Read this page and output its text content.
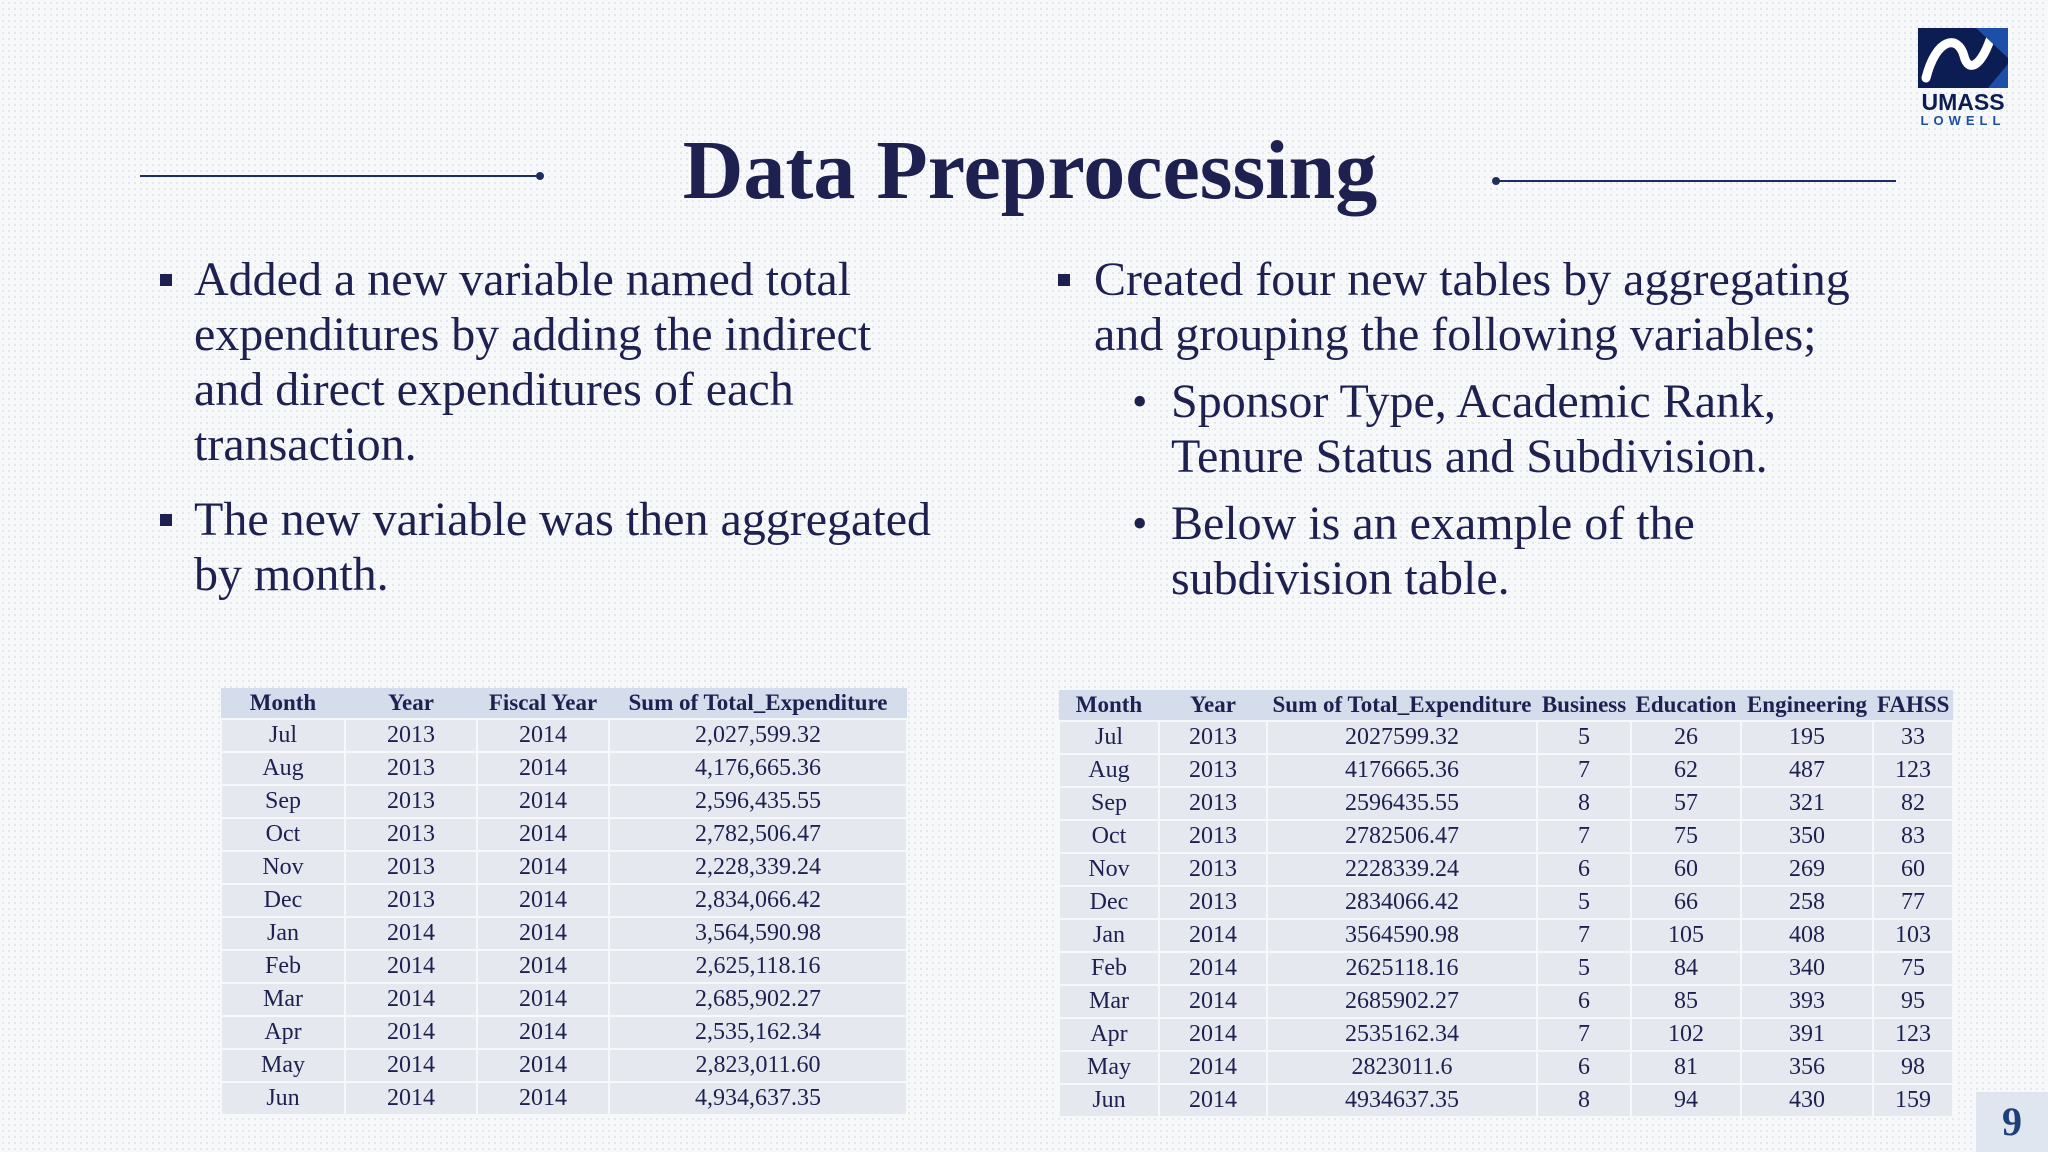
UMASS
LOWELL
Data Preprocessing
Added a new variable named total expenditures by adding the indirect and direct expenditures of each transaction.
The new variable was then aggregated by month.
Created four new tables by aggregating and grouping the following variables;
• Sponsor Type, Academic Rank, Tenure Status and Subdivision.
• Below is an example of the subdivision table.
Month	Year	Fiscal Year	Sum of Total_Expenditure
Jul	2013	2014	2,027,599.32
Aug	2013	2014	4,176,665.36
Sep	2013	2014	2,596,435.55
Oct	2013	2014	2,782,506.47
Nov	2013	2014	2,228,339.24
Dec	2013	2014	2,834,066.42
Jan	2014	2014	3,564,590.98
Feb	2014	2014	2,625,118.16
Mar	2014	2014	2,685,902.27
Apr	2014	2014	2,535,162.34
May	2014	2014	2,823,011.60
Jun	2014	2014	4,934,637.35
Month	Year	Sum of Total_Expenditure	Business	Education	Engineering	FAHSS
Jul	2013	2027599.32	5	26	195	33
Aug	2013	4176665.36	7	62	487	123
Sep	2013	2596435.55	8	57	321	82
Oct	2013	2782506.47	7	75	350	83
Nov	2013	2228339.24	6	60	269	60
Dec	2013	2834066.42	5	66	258	77
Jan	2014	3564590.98	7	105	408	103
Feb	2014	2625118.16	5	84	340	75
Mar	2014	2685902.27	6	85	393	95
Apr	2014	2535162.34	7	102	391	123
May	2014	2823011.6	6	81	356	98
Jun	2014	4934637.35	8	94	430	159	9
